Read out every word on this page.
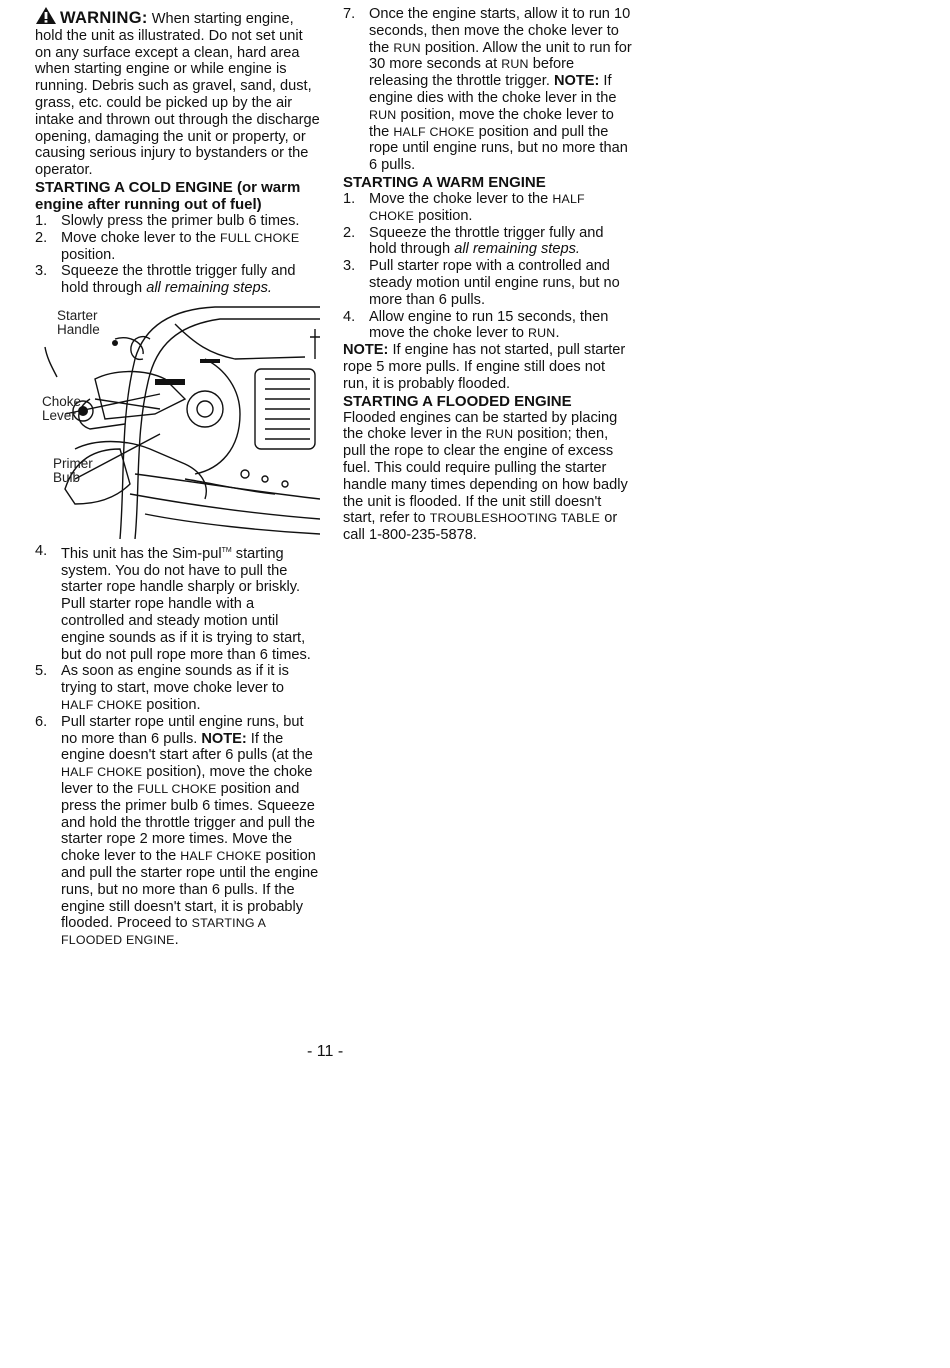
WARNING: When starting engine, hold the unit as illustrated. Do not set unit on any surface except a clean, hard area when starting engine or while engine is running. Debris such as gravel, sand, dust, grass, etc. could be picked up by the air intake and thrown out through the discharge opening, damaging the unit or property, or causing serious injury to bystanders or the operator.

STARTING A COLD ENGINE (or warm engine after running out of fuel)

1. Slowly press the primer bulb 6 times.
2. Move choke lever to the FULL CHOKE position.
3. Squeeze the throttle trigger fully and hold through all remaining steps.
Starter
Handle
Choke
Lever
Primer
Bulb
4. This unit has the Sim-pul™ starting system. You do not have to pull the starter rope handle sharply or briskly. Pull starter rope handle with a controlled and steady motion until engine sounds as if it is trying to start, but do not pull rope more than 6 times.
5. As soon as engine sounds as if it is trying to start, move choke lever to HALF CHOKE position.
6. Pull starter rope until engine runs, but no more than 6 pulls. NOTE: If the engine doesn't start after 6 pulls (at the HALF CHOKE position), move the choke lever to the FULL CHOKE position and press the primer bulb 6 times. Squeeze and hold the throttle trigger and pull the starter rope 2 more times. Move the choke lever to the HALF CHOKE position and pull the starter rope until the engine runs, but no more than 6 pulls. If the engine still doesn't start, it is probably flooded. Proceed to STARTING A FLOODED ENGINE.
7. Once the engine starts, allow it to run 10 seconds, then move the choke lever to the RUN position. Allow the unit to run for 30 more seconds at RUN before releasing the throttle trigger. NOTE: If engine dies with the choke lever in the RUN position, move the choke lever to the HALF CHOKE position and pull the rope until engine runs, but no more than 6 pulls.

STARTING A WARM ENGINE

1. Move the choke lever to the HALF CHOKE position.
2. Squeeze the throttle trigger fully and hold through all remaining steps.
3. Pull starter rope with a controlled and steady motion until engine runs, but no more than 6 pulls.
4. Allow engine to run 15 seconds, then move the choke lever to RUN.

NOTE: If engine has not started, pull starter rope 5 more pulls. If engine still does not run, it is probably flooded.

STARTING A FLOODED ENGINE

Flooded engines can be started by placing the choke lever in the RUN position; then, pull the rope to clear the engine of excess fuel. This could require pulling the starter handle many times depending on how badly the unit is flooded. If the unit still doesn't start, refer to TROUBLESHOOTING TABLE or call 1-800-235-5878.

- 11 -
